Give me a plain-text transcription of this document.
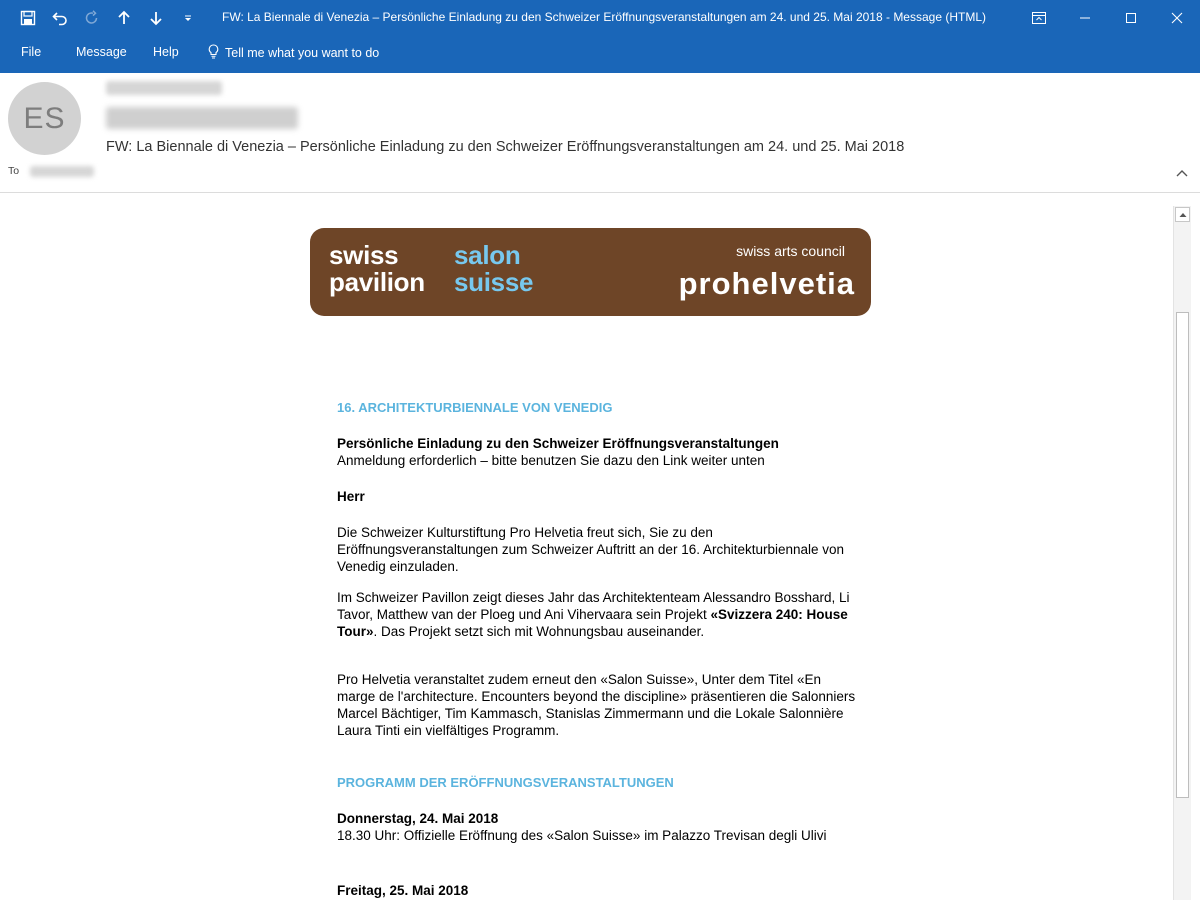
FW: La Biennale di Venezia – Persönliche Einladung zu den Schweizer Eröffnungsveranstaltungen am 24. und 25. Mai 2018 - Message (HTML)
File	Message Help	Tell me what you want to do
ES
FW: La Biennale di Venezia – Persönliche Einladung zu den Schweizer Eröffnungsveranstaltungen am 24. und 25. Mai 2018
To
swiss
pavilion
salon
suisse
swiss arts council
prohelvetia
16. ARCHITEKTURBIENNALE VON VENEDIG
Persönliche Einladung zu den Schweizer Eröffnungsveranstaltungen
Anmeldung erforderlich – bitte benutzen Sie dazu den Link weiter unten
Herr
Die Schweizer Kulturstiftung Pro Helvetia freut sich, Sie zu den Eröffnungsveranstaltungen zum Schweizer Auftritt an der 16. Architekturbiennale von Venedig einzuladen.
Im Schweizer Pavillon zeigt dieses Jahr das Architektenteam Alessandro Bosshard, Li Tavor, Matthew van der Ploeg und Ani Vihervaara sein Projekt «Svizzera 240: House Tour». Das Projekt setzt sich mit Wohnungsbau auseinander.
Pro Helvetia veranstaltet zudem erneut den «Salon Suisse», Unter dem Titel «En marge de l'architecture. Encounters beyond the discipline» präsentieren die Salonniers Marcel Bächtiger, Tim Kammasch, Stanislas Zimmermann und die Lokale Salonnière Laura Tinti ein vielfältiges Programm.
PROGRAMM DER ERÖFFNUNGSVERANSTALTUNGEN
Donnerstag, 24. Mai 2018
18.30 Uhr: Offizielle Eröffnung des «Salon Suisse» im Palazzo Trevisan degli Ulivi
Freitag, 25. Mai 2018
